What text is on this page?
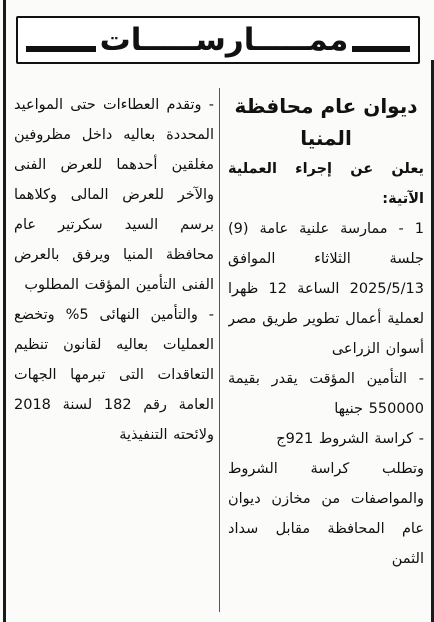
ممـــــارســـــات

ديوان عام محافظة

المنيا

يعلن عن إجراء العملية الآتية:

1 - ممارسة علنية عامة (9) جلسة الثلاثاء الموافق 2025/5/13 الساعة 12 ظهرا لعملية أعمال تطوير طريق مصر أسوان الزراعى

- التأمين المؤقت يقدر بقيمة 550000 جنيها

- كراسة الشروط 921ج

وتطلب كراسة الشروط والمواصفات من مخازن ديوان عام المحافظة مقابل سداد الثمن

- وتقدم العطاءات حتى المواعيد المحددة بعاليه داخل مظروفين مغلقين أحدهما للعرض الفنى والآخر للعرض المالى وكلاهما برسم السيد سكرتير عام محافظة المنيا ويرفق بالعرض الفنى التأمين المؤقت المطلوب

- والتأمين النهائى 5% وتخضع العمليات بعاليه لقانون تنظيم التعاقدات التى تبرمها الجهات العامة رقم 182 لسنة 2018 ولائحته التنفيذية
